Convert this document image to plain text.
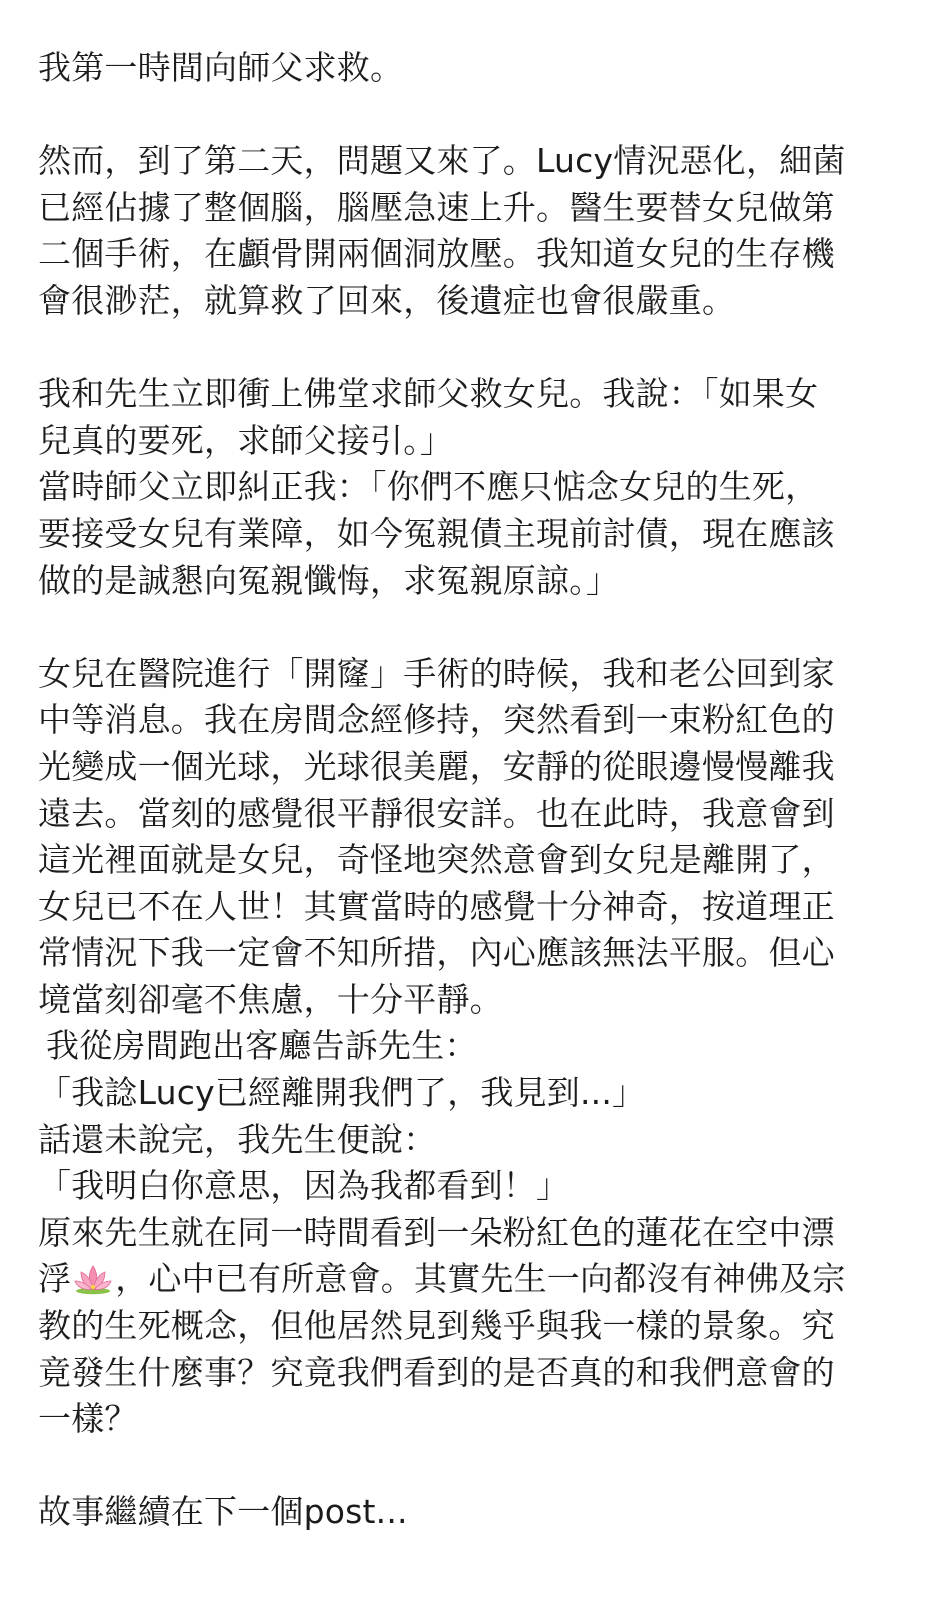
我第一時間向師父求救。
然而，到了第二天，問題又來了。Lucy情況惡化，細菌
已經佔據了整個腦，腦壓急速上升。醫生要替女兒做第
二個手術，在顱骨開兩個洞放壓。我知道女兒的生存機
會很渺茫，就算救了回來，後遺症也會很嚴重。
我和先生立即衝上佛堂求師父救女兒。我說：「如果女
兒真的要死，求師父接引。」
當時師父立即糾正我：「你們不應只惦念女兒的生死，
要接受女兒有業障，如今冤親債主現前討債，現在應該
做的是誠懇向冤親懺悔，求冤親原諒。」
女兒在醫院進行「開窿」手術的時候，我和老公回到家
中等消息。我在房間念經修持，突然看到一束粉紅色的
光變成一個光球，光球很美麗，安靜的從眼邊慢慢離我
遠去。當刻的感覺很平靜很安詳。也在此時，我意會到
這光裡面就是女兒，奇怪地突然意會到女兒是離開了，
女兒已不在人世！其實當時的感覺十分神奇，按道理正
常情況下我一定會不知所措，內心應該無法平服。但心
境當刻卻毫不焦慮，十分平靜。
我從房間跑出客廳告訴先生：
「我諗Lucy已經離開我們了，我見到...」
話還未說完，我先生便說：
「我明白你意思，因為我都看到！」
原來先生就在同一時間看到一朵粉紅色的蓮花在空中漂
浮 ，心中已有所意會。其實先生一向都沒有神佛及宗
教的生死概念，但他居然見到幾乎與我一樣的景象。究
竟發生什麼事？究竟我們看到的是否真的和我們意會的
一樣？
故事繼續在下一個post...
